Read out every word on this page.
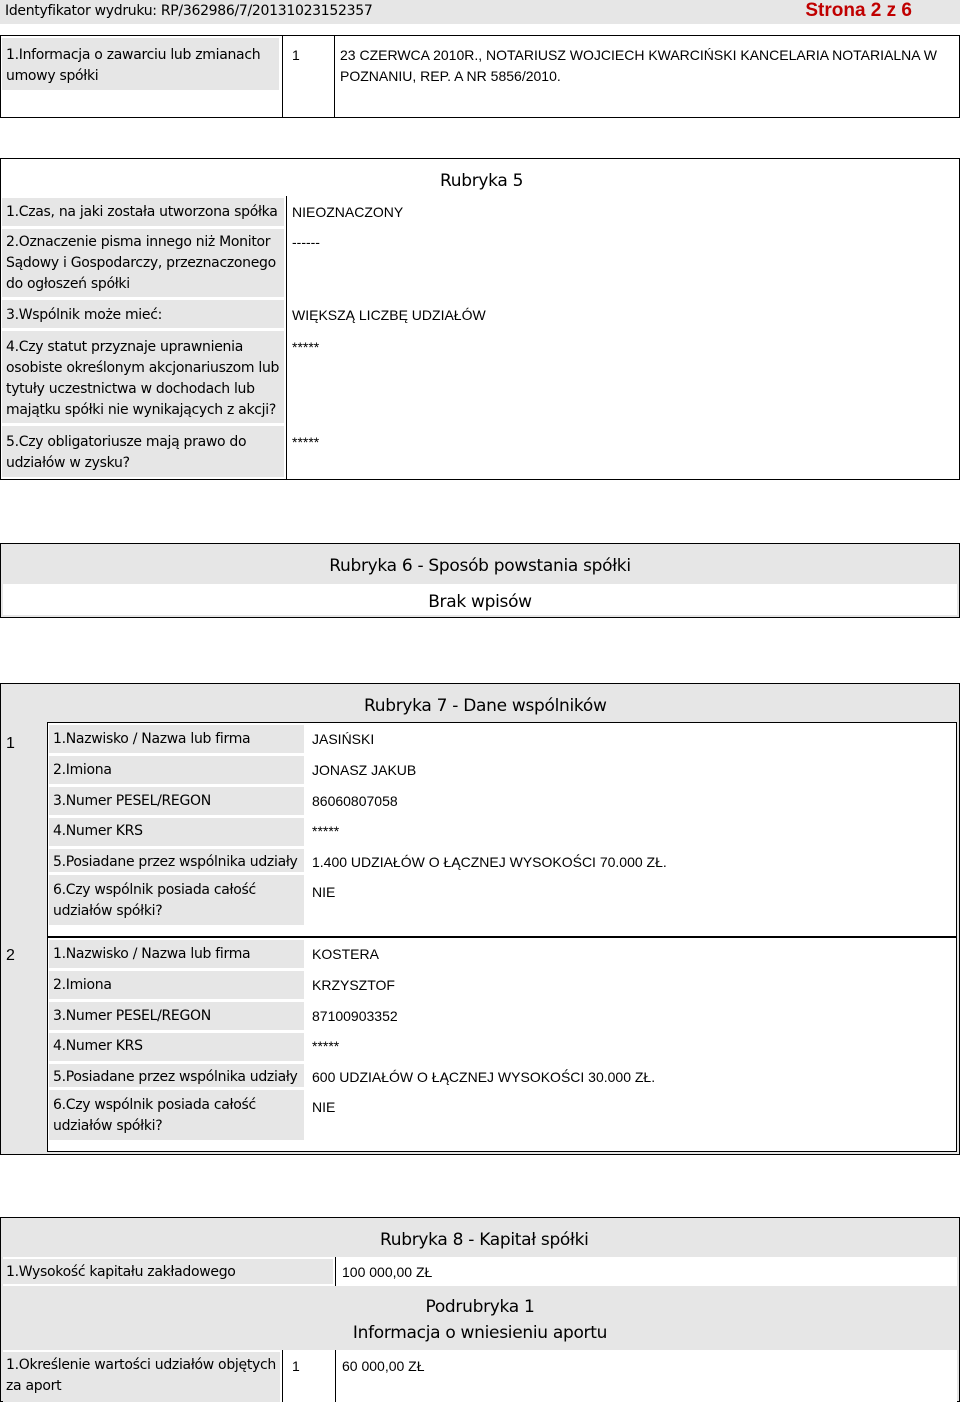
Identyfikator wydruku: RP/362986/7/20131023152357	Strona 2 z 6
1.Informacja o zawarciu lub zmianach
umowy spółki
1	23 CZERWCA 2010R., NOTARIUSZ WOJCIECH KWARCIŃSKI KANCELARIA NOTARIALNA W
POZNANIU, REP. A NR 5856/2010.
Rubryka 5
1.Czas, na jaki została utworzona spółka NIEOZNACZONY
2.Oznaczenie pisma innego niż Monitor Sądowy i Gospodarczy, przeznaczonego do ogłoszeń spółki
------
3.Wspólnik może mieć:	WIĘKSZĄ LICZBĘ UDZIAŁÓW
4.Czy statut przyznaje uprawnienia osobiste określonym akcjonariuszom lub tytuły uczestnictwa w dochodach lub majątku spółki nie wynikających z akcji?
*****
5.Czy obligatoriusze mają prawo do udziałów w zysku?
*****
Rubryka 6 - Sposób powstania spółki
Brak wpisów
Rubryka 7 - Dane wspólników
1
2
1.Nazwisko / Nazwa lub firma	JASIŃSKI
2.Imiona	JONASZ JAKUB
3.Numer PESEL/REGON	86060807058
4.Numer KRS	*****
5.Posiadane przez wspólnika udziały 1.400 UDZIAŁÓW O ŁĄCZNEJ WYSOKOŚCI 70.000 ZŁ.
6.Czy wspólnik posiada całość udziałów spółki?
NIE
1.Nazwisko / Nazwa lub firma	KOSTERA
2.Imiona	KRZYSZTOF
3.Numer PESEL/REGON	87100903352
4.Numer KRS	*****
5.Posiadane przez wspólnika udziały 600 UDZIAŁÓW O ŁĄCZNEJ WYSOKOŚCI 30.000 ZŁ.
6.Czy wspólnik posiada całość udziałów spółki?
NIE
Rubryka 8 - Kapitał spółki
1.Wysokość kapitału zakładowego	100 000,00 ZŁ
Podrubryka 1
Informacja o wniesieniu aportu
1.Określenie wartości udziałów objętych za aport
1	60 000,00 ZŁ
